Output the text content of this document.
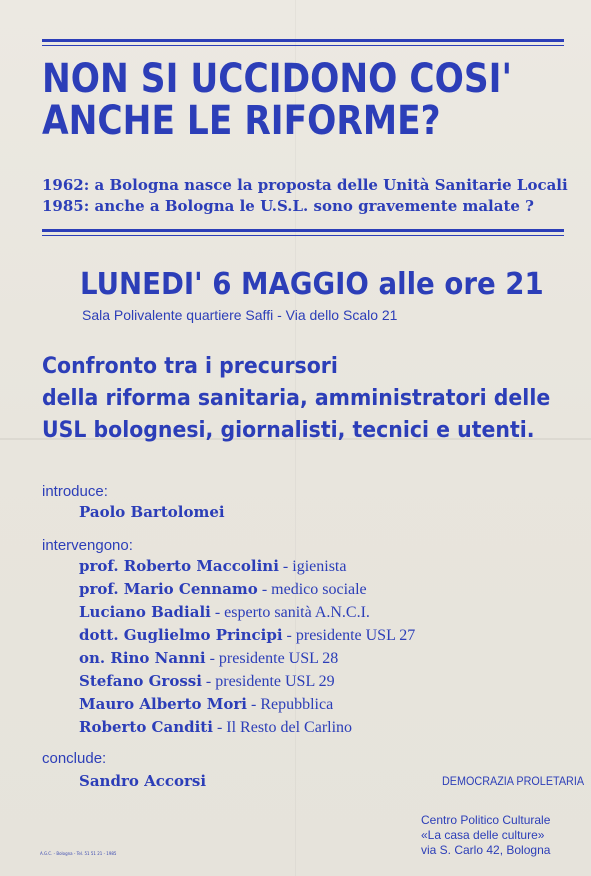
NON SI UCCIDONO COSI'
ANCHE LE RIFORME?
1962: a Bologna nasce la proposta delle Unità Sanitarie Locali
1985: anche a Bologna le U.S.L. sono gravemente malate ?
LUNEDI' 6 MAGGIO alle ore 21
Sala Polivalente quartiere Saffi - Via dello Scalo 21
Confronto tra i precursori
della riforma sanitaria, amministratori delle
USL bolognesi, giornalisti, tecnici e utenti.
introduce:
Paolo Bartolomei
intervengono:
prof. Roberto Maccolini - igienista
prof. Mario Cennamo - medico sociale
Luciano Badiali - esperto sanità A.N.C.I.
dott. Guglielmo Principi - presidente USL 27
on. Rino Nanni - presidente USL 28
Stefano Grossi - presidente USL 29
Mauro Alberto Mori - Repubblica
Roberto Canditi - Il Resto del Carlino
conclude:
Sandro Accorsi	DEMOCRAZIA PROLETARIA
Centro Politico Culturale
«La casa delle culture»
via S. Carlo 42, Bologna
A.G.C. - Bologna - Tel. 51 51 21 - 1985
